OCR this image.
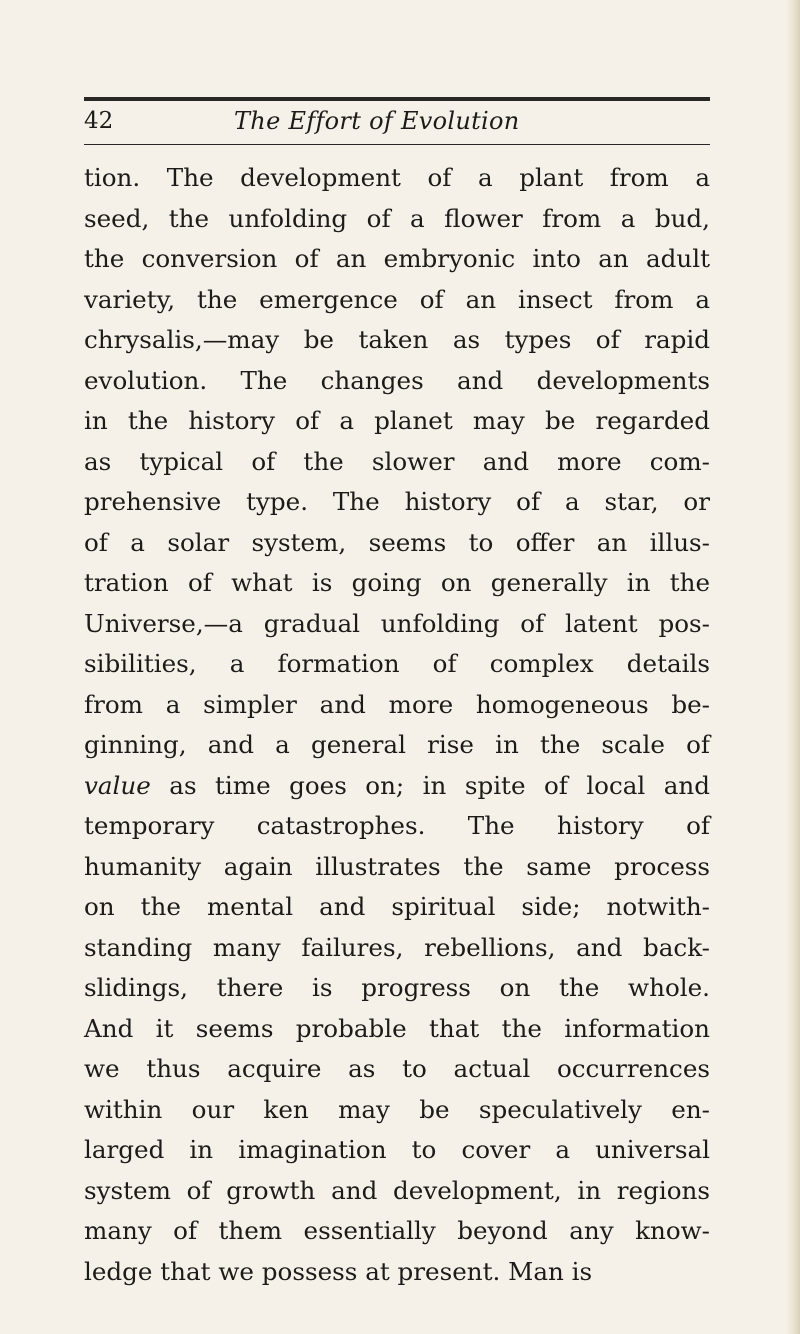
42	The Effort of Evolution
tion. The development of a plant from a
seed, the unfolding of a flower from a bud,
the conversion of an embryonic into an adult
variety, the emergence of an insect from a
chrysalis,—may be taken as types of rapid
evolution. The changes and developments
in the history of a planet may be regarded
as typical of the slower and more com-
prehensive type. The history of a star, or
of a solar system, seems to offer an illus-
tration of what is going on generally in the
Universe,—a gradual unfolding of latent pos-
sibilities, a formation of complex details
from a simpler and more homogeneous be-
ginning, and a general rise in the scale of
value as time goes on; in spite of local and
temporary catastrophes. The history of
humanity again illustrates the same process
on the mental and spiritual side; notwith-
standing many failures, rebellions, and back-
slidings, there is progress on the whole.
And it seems probable that the information
we thus acquire as to actual occurrences
within our ken may be speculatively en-
larged in imagination to cover a universal
system of growth and development, in regions
many of them essentially beyond any know-
ledge that we possess at present. Man is
